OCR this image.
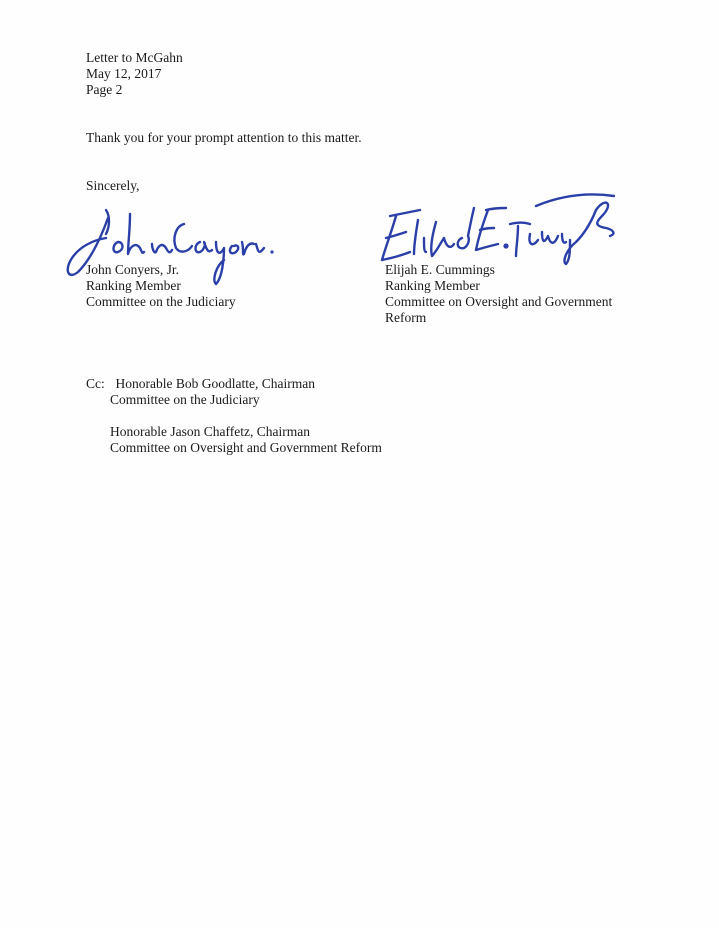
Letter to McGahn
May 12, 2017
Page 2

Thank you for your prompt attention to this matter.

Sincerely,

John Conyers, Jr.
Ranking Member
Committee on the Judiciary
Elijah E. Cummings
Ranking Member
Committee on Oversight and Government
Reform
Cc: Honorable Bob Goodlatte, Chairman
Committee on the Judiciary
Honorable Jason Chaffetz, Chairman
Committee on Oversight and Government Reform
